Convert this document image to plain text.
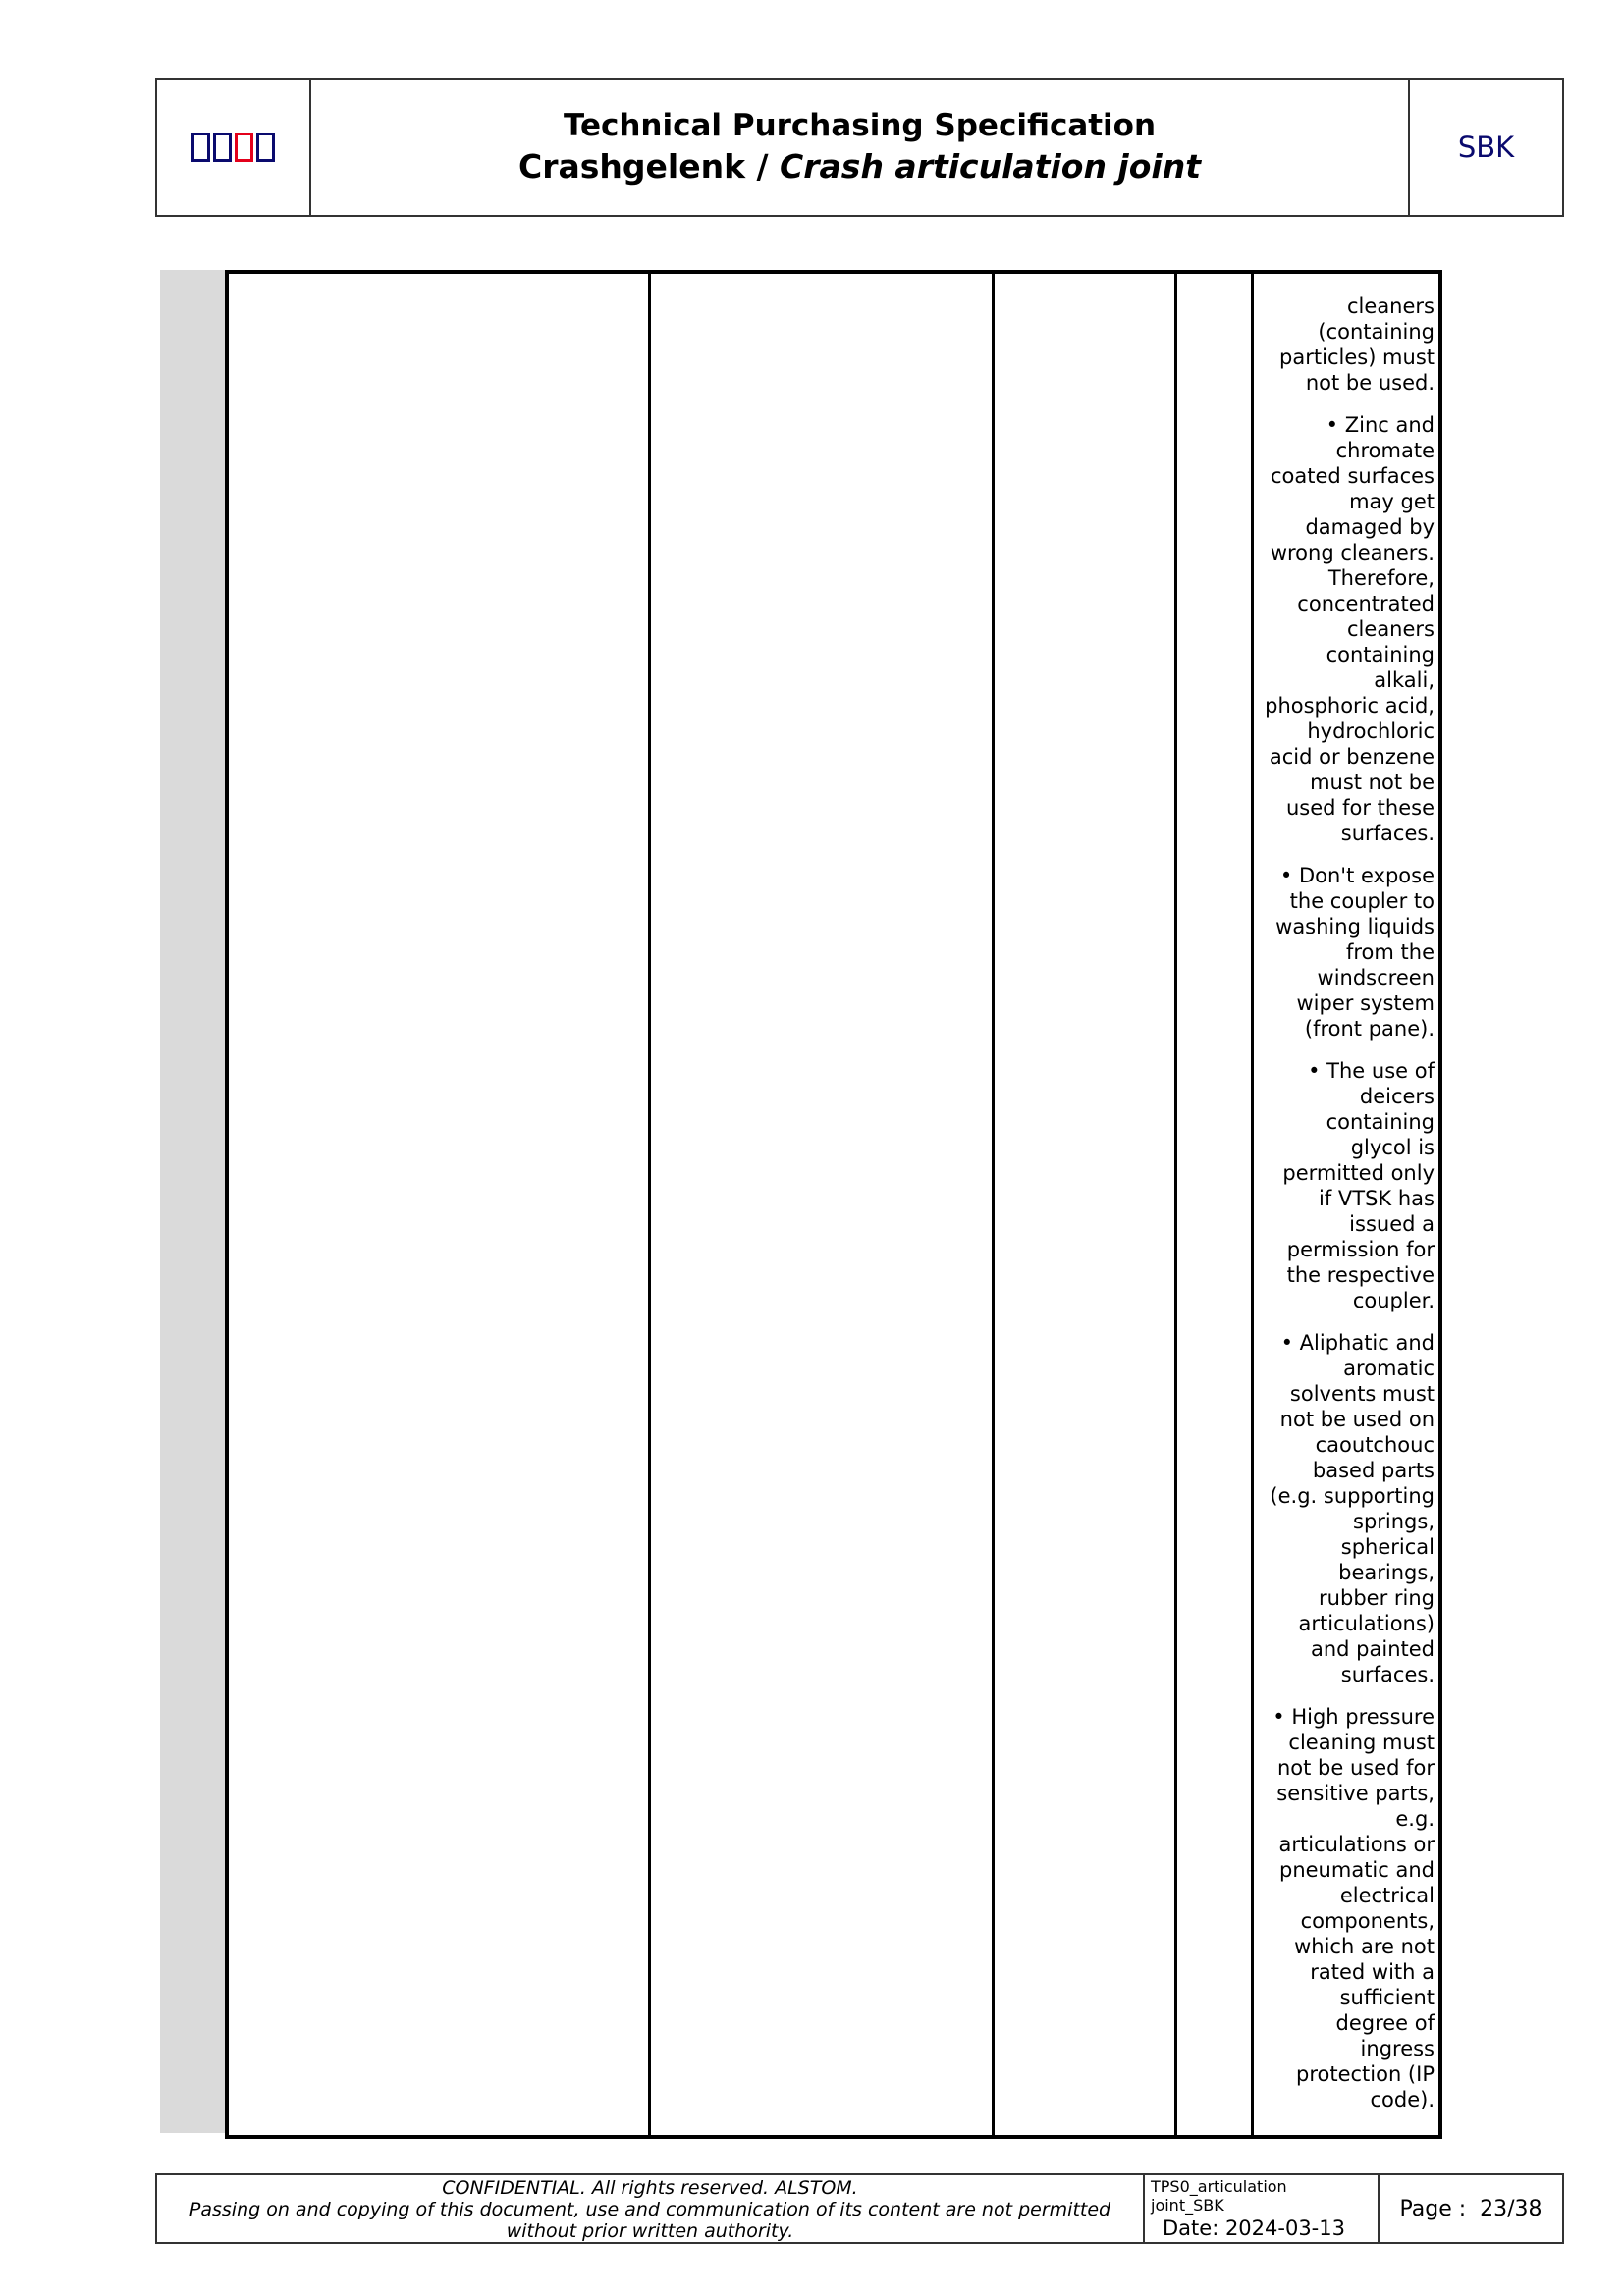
Technical Purchasing Specification
Crashgelenk / Crash articulation joint	SBK

cleaners
(containing
particles) must
not be used.

• Zinc and
chromate
coated surfaces
may get
damaged by
wrong cleaners.
Therefore,
concentrated
cleaners
containing
alkali,
phosphoric acid,
hydrochloric
acid or benzene
must not be
used for these
surfaces.

• Don't expose
the coupler to
washing liquids
from the
windscreen
wiper system
(front pane).

• The use of
deicers
containing
glycol is
permitted only
if VTSK has
issued a
permission for
the respective
coupler.

• Aliphatic and
aromatic
solvents must
not be used on
caoutchouc
based parts
(e.g. supporting
springs,
spherical
bearings,
rubber ring
articulations)
and painted
surfaces.

• High pressure
cleaning must
not be used for
sensitive parts,
e.g.
articulations or
pneumatic and
electrical
components,
which are not
rated with a
sufficient
degree of
ingress
protection (IP
code).

CONFIDENTIAL. All rights reserved. ALSTOM.
Passing on and copying of this document, use and communication of its content are not permitted
without prior written authority.
TPS0_articulation
joint_SBK
Date: 2024-03-13
Page :  23/38
